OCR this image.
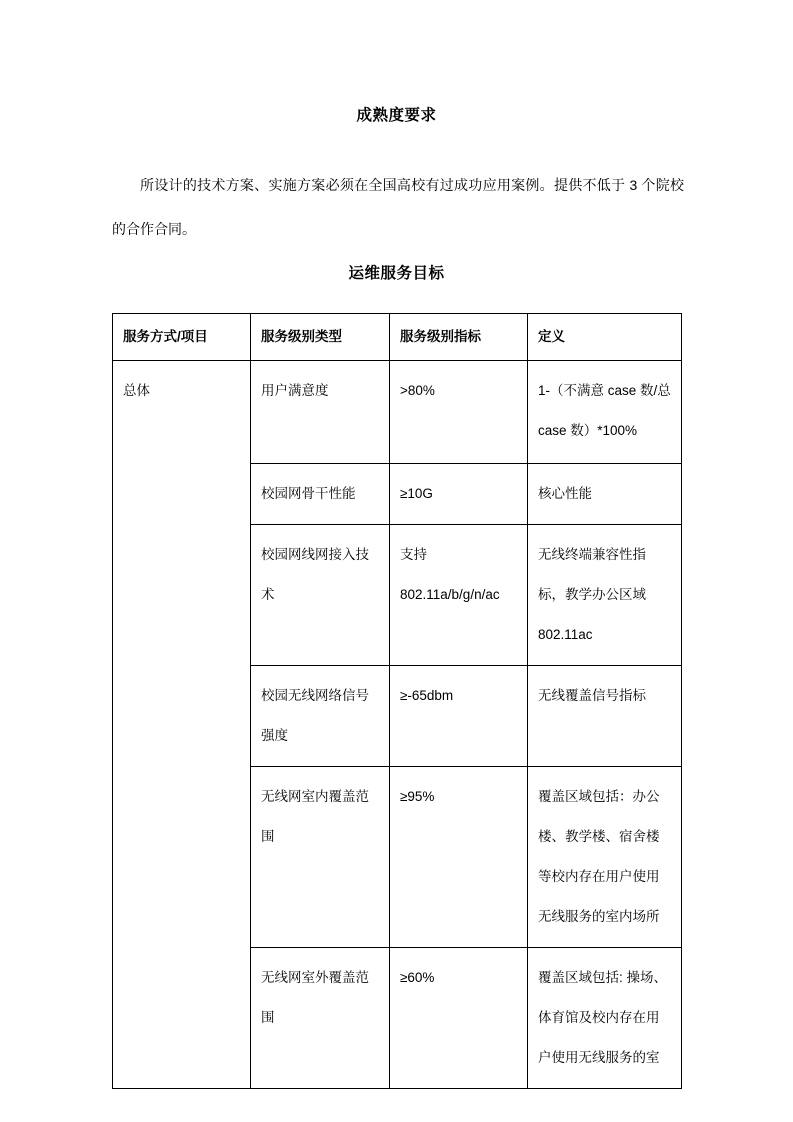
成熟度要求
所设计的技术方案、实施方案必须在全国高校有过成功应用案例。提供不低于 3 个院校的合作合同。
运维服务目标
服务方式/项目	服务级别类型	服务级别指标	定义
总体	用户满意度	>80%	1-（不满意 case 数/总 case 数）*100%
	校园网骨干性能	≥10G	核心性能
	校园网线网接入技术	支持 802.11a/b/g/n/ac	无线终端兼容性指标，教学办公区域 802.11ac
	校园无线网络信号强度	≥-65dbm	无线覆盖信号指标
	无线网室内覆盖范围	≥95%	覆盖区域包括：办公楼、教学楼、宿舍楼等校内存在用户使用无线服务的室内场所
	无线网室外覆盖范围	≥60%	覆盖区域包括: 操场、体育馆及校内存在用户使用无线服务的室
